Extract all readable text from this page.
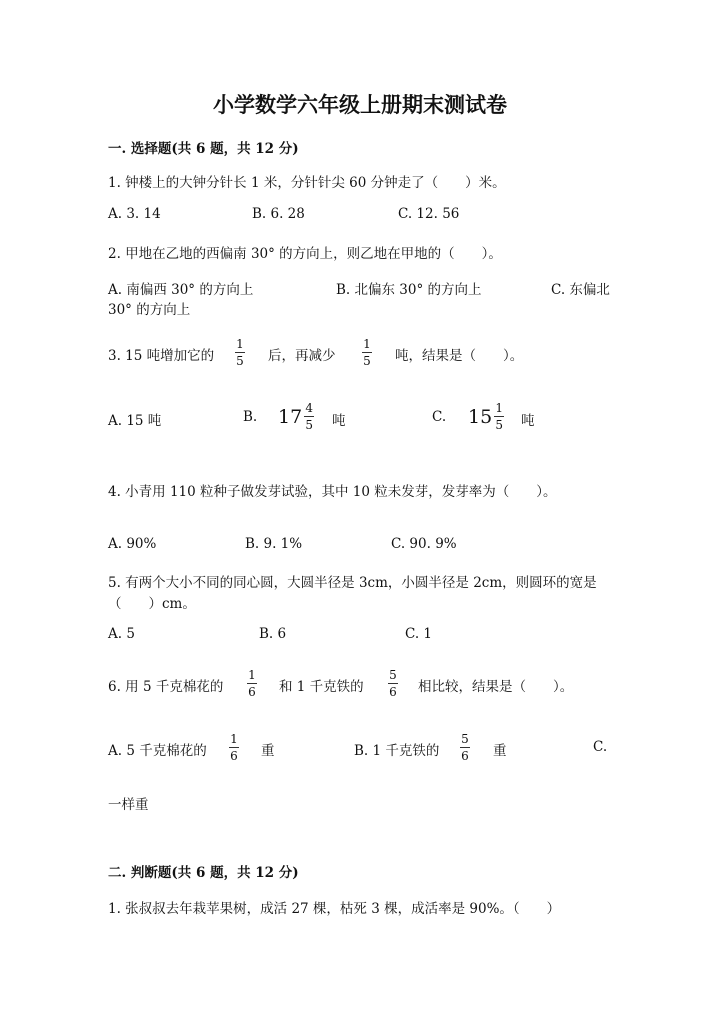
小学数学六年级上册期末测试卷
一. 选择题(共 6 题，共 12 分)
1. 钟楼上的大钟分针长 1 米，分针针尖 60 分钟走了（　　）米。
A. 3. 14	B. 6. 28	C. 12. 56
2. 甲地在乙地的西偏南 30° 的方向上，则乙地在甲地的（　　）。
A. 南偏西 30° 的方向上	B. 北偏东 30° 的方向上	C. 东偏北
30° 的方向上
3. 15 吨增加它的
1
5 后，再减少
1
5 吨，结果是（　　）。
A. 15 吨	B. $17 \frac{4}{5}$ 吨	C. $15 \frac{1}{5}$ 吨
4. 小青用 110 粒种子做发芽试验，其中 10 粒未发芽，发芽率为（　　）。
A. 90%	B. 9. 1%	C. 90. 9%
5. 有两个大小不同的同心圆，大圆半径是 3cm，小圆半径是 2cm，则圆环的宽是
（　　）cm。
A. 5	B. 6	C. 1
6. 用 5 千克棉花的
1
6 和 1 千克铁的
5
6 相比较，结果是（　　）。
A. 5 千克棉花的
1
6 重	B. 1 千克铁的
5
6 重	C.
一样重
二. 判断题(共 6 题，共 12 分)
1. 张叔叔去年栽苹果树，成活 27 棵，枯死 3 棵，成活率是 90%。（　　）
